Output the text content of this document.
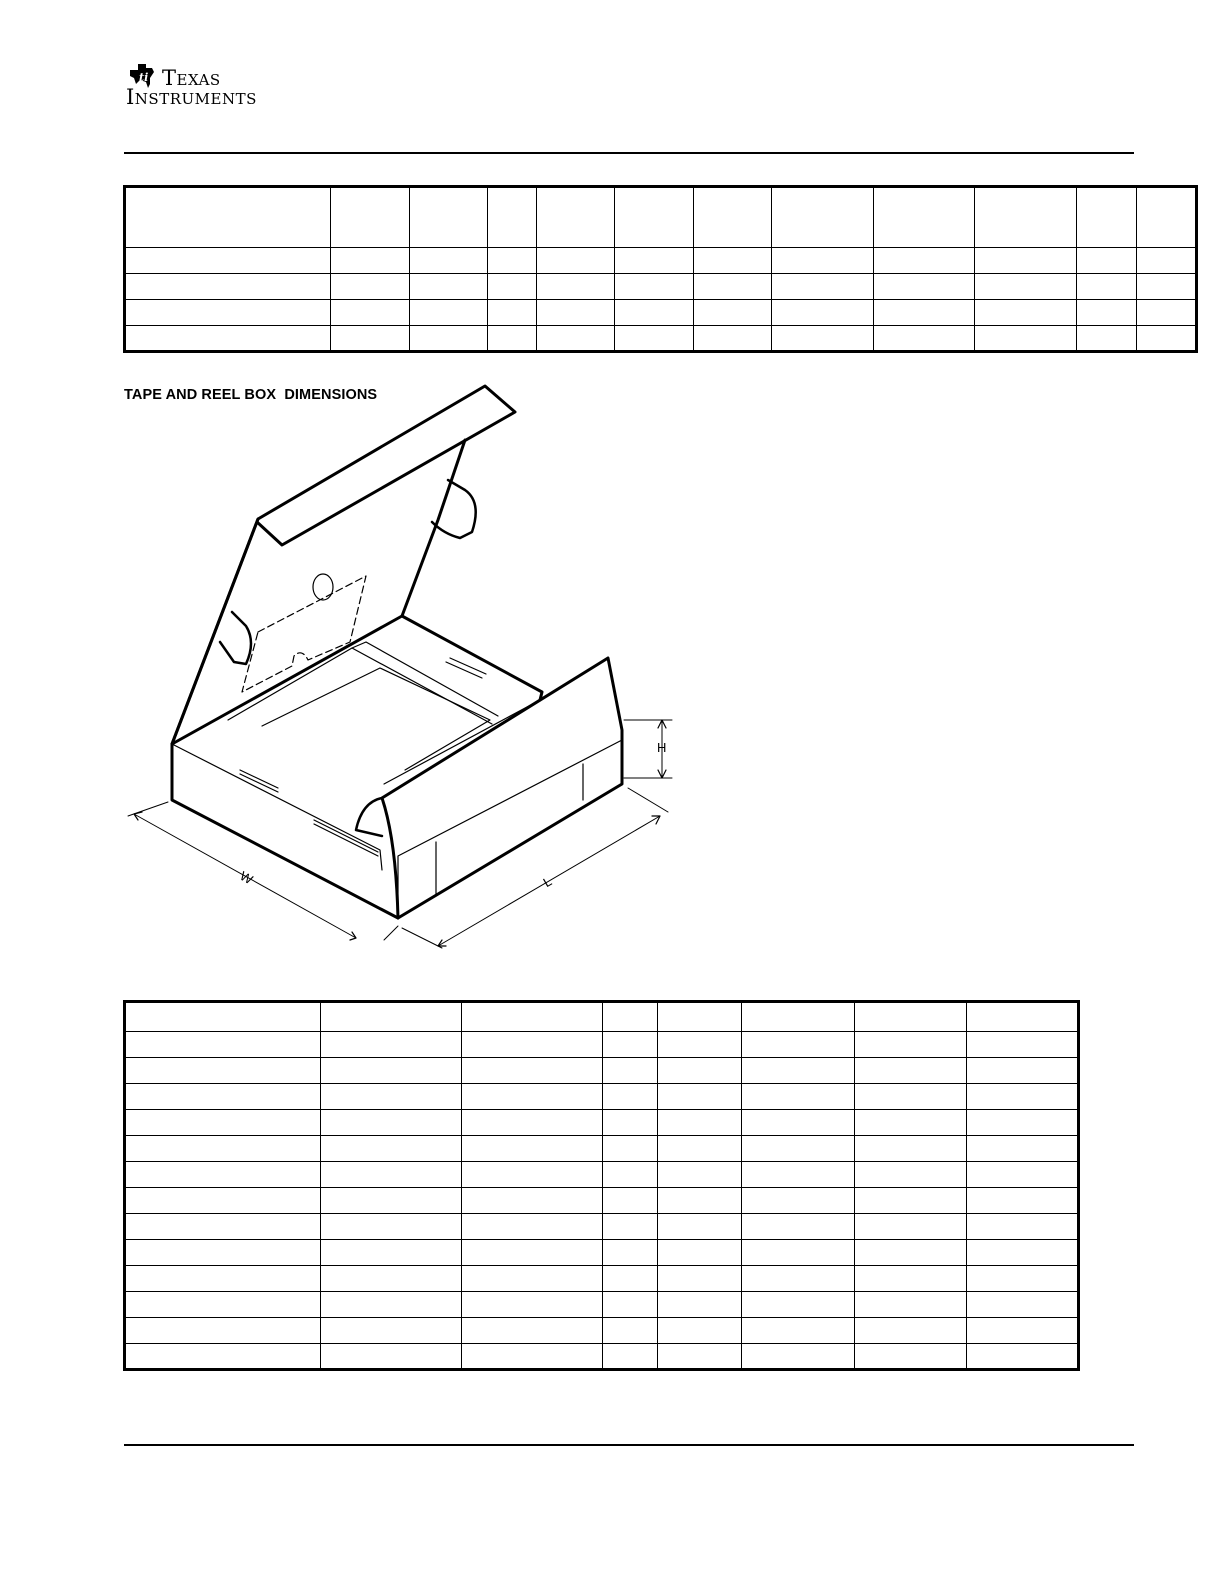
ti Texas
Instruments

TAPE AND REEL BOX  DIMENSIONS
H
W	L
